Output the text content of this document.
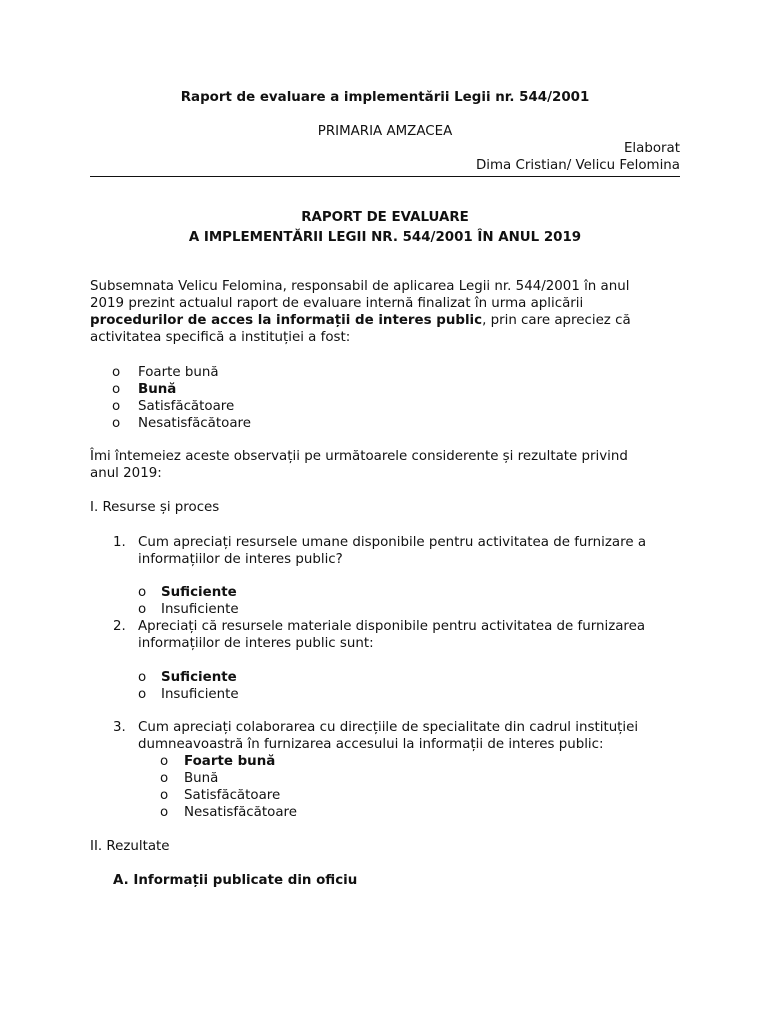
Raport de evaluare a implementării Legii nr. 544/2001
PRIMARIA AMZACEA
Elaborat
Dima Cristian/ Velicu Felomina
RAPORT DE EVALUARE
A IMPLEMENTĂRII LEGII NR. 544/2001 ÎN ANUL 2019
Subsemnata Velicu Felomina, responsabil de aplicarea Legii nr. 544/2001 în anul
2019 prezint actualul raport de evaluare internă finalizat în urma aplicării
procedurilor de acces la informații de interes public, prin care apreciez că
activitatea specifică a instituției a fost:
o	Foarte bună
o	Bună
o	Satisfăcătoare
o	Nesatisfăcătoare
Îmi întemeiez aceste observații pe următoarele considerente și rezultate privind
anul 2019:
I. Resurse și proces
1. Cum apreciați resursele umane disponibile pentru activitatea de furnizare a
informațiilor de interes public?
o	Suficiente
o	Insuficiente
2. Apreciați că resursele materiale disponibile pentru activitatea de furnizarea
informațiilor de interes public sunt:
o	Suficiente
o	Insuficiente
3. Cum apreciați colaborarea cu direcțiile de specialitate din cadrul instituției
dumneavoastră în furnizarea accesului la informații de interes public:
o	Foarte bună
o	Bună
o	Satisfăcătoare
o	Nesatisfăcătoare
II. Rezultate
A. Informații publicate din oficiu
